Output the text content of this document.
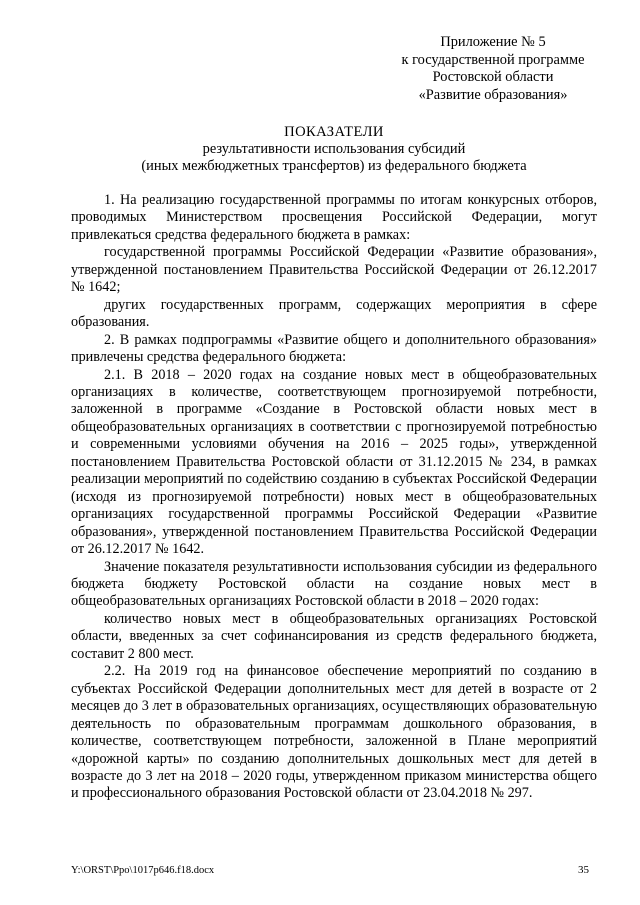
Приложение № 5
к государственной программе
Ростовской области
«Развитие образования»
ПОКАЗАТЕЛИ
результативности использования субсидий
(иных межбюджетных трансфертов) из федерального бюджета

1. На реализацию государственной программы по итогам конкурсных отборов, проводимых Министерством просвещения Российской Федерации, могут привлекаться средства федерального бюджета в рамках:

государственной программы Российской Федерации «Развитие образования», утвержденной постановлением Правительства Российской Федерации от 26.12.2017 № 1642;

других государственных программ, содержащих мероприятия в сфере образования.

2. В рамках подпрограммы «Развитие общего и дополнительного образования» привлечены средства федерального бюджета:

2.1. В 2018 – 2020 годах на создание новых мест в общеобразовательных организациях в количестве, соответствующем прогнозируемой потребности, заложенной в программе «Создание в Ростовской области новых мест в общеобразовательных организациях в соответствии с прогнозируемой потребностью и современными условиями обучения на 2016 – 2025 годы», утвержденной постановлением Правительства Ростовской области от 31.12.2015 № 234, в рамках реализации мероприятий по содействию созданию в субъектах Российской Федерации (исходя из прогнозируемой потребности) новых мест в общеобразовательных организациях государственной программы Российской Федерации «Развитие образования», утвержденной постановлением Правительства Российской Федерации от 26.12.2017 № 1642.

Значение показателя результативности использования субсидии из федерального бюджета бюджету Ростовской области на создание новых мест в общеобразовательных организациях Ростовской области в 2018 – 2020 годах:

количество новых мест в общеобразовательных организациях Ростовской области, введенных за счет софинансирования из средств федерального бюджета, составит 2 800 мест.

2.2. На 2019 год на финансовое обеспечение мероприятий по созданию в субъектах Российской Федерации дополнительных мест для детей в возрасте от 2 месяцев до 3 лет в образовательных организациях, осуществляющих образовательную деятельность по образовательным программам дошкольного образования, в количестве, соответствующем потребности, заложенной в Плане мероприятий «дорожной карты» по созданию дополнительных дошкольных мест для детей в возрасте до 3 лет на 2018 – 2020 годы, утвержденном приказом министерства общего и профессионального образования Ростовской области от 23.04.2018 № 297.

Y:\ORST\Ppo\1017p646.f18.docx	35
